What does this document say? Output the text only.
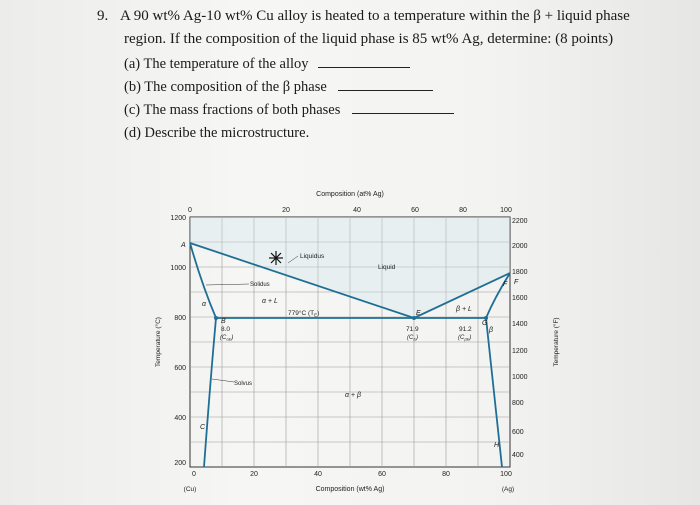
9. A 90 wt% Ag-10 wt% Cu alloy is heated to a temperature within the β + liquid phase
region. If the composition of the liquid phase is 85 wt% Ag, determine: (8 points)
(a) The temperature of the alloy
(b) The composition of the β phase
(c) The mass fractions of both phases
(d) Describe the microstructure.
Composition (at% Ag)
0	20	40	60	80	100
1200
1000
800
600
400
200
Temperature (°C)
2200
2000
1800
1600
1400
1200
1000
800
600
400
F
Temperature (°F)
0	20	40	60	80	100
Composition (wt% Ag)
(Cu)	(Ag)
Liquidus
Liquid
Solidus
Solvus
α + L
β + L
α + β
α
β
779°C $(T_E)$
A
B
C
E
F
G
H
8.0
$(C_{\alpha E})$
71.9
$(C_E)$
91.2
$(C_{\beta E})$
